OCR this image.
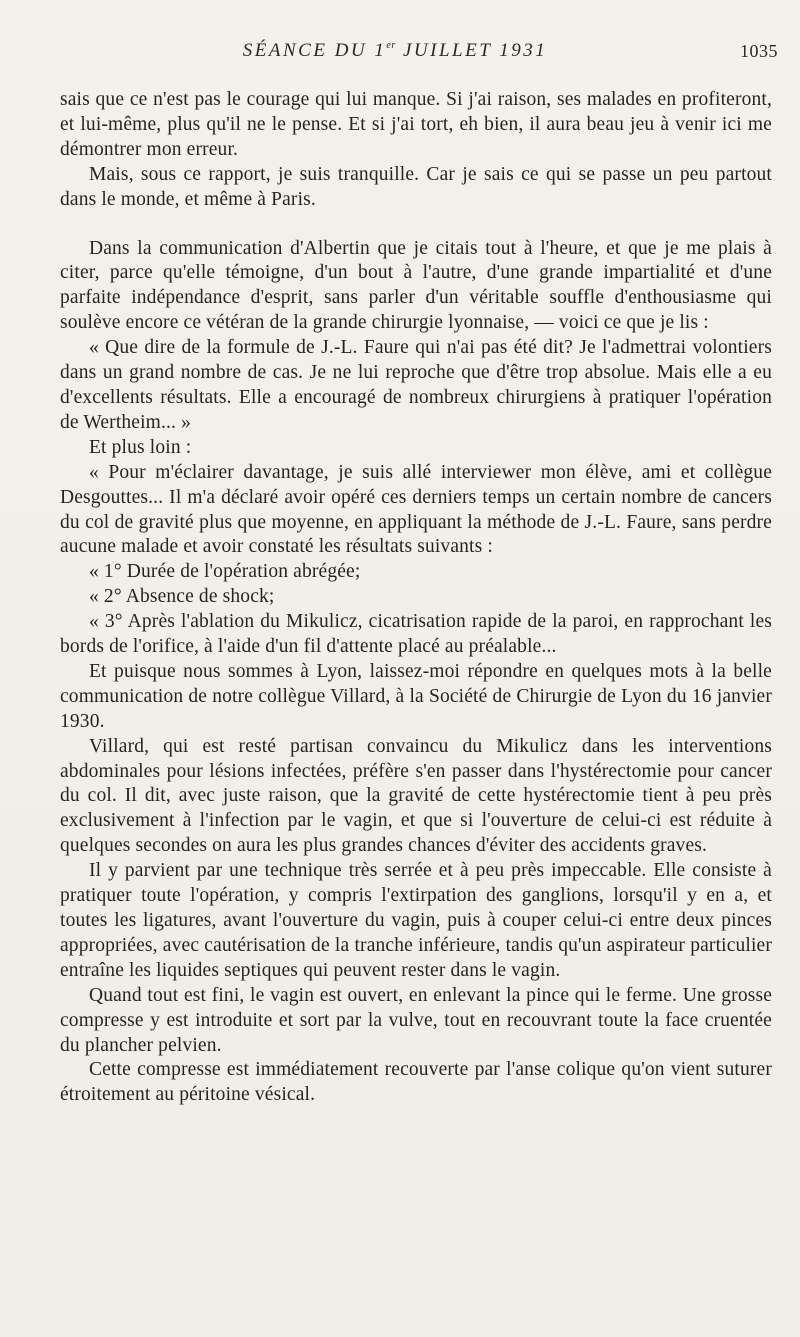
SÉANCE DU 1er JUILLET 1931	1035

sais que ce n'est pas le courage qui lui manque. Si j'ai raison, ses malades en profiteront, et lui-même, plus qu'il ne le pense. Et si j'ai tort, eh bien, il aura beau jeu à venir ici me démontrer mon erreur.

Mais, sous ce rapport, je suis tranquille. Car je sais ce qui se passe un peu partout dans le monde, et même à Paris.

Dans la communication d'Albertin que je citais tout à l'heure, et que je me plais à citer, parce qu'elle témoigne, d'un bout à l'autre, d'une grande impartialité et d'une parfaite indépendance d'esprit, sans parler d'un véritable souffle d'enthousiasme qui soulève encore ce vétéran de la grande chirurgie lyonnaise, — voici ce que je lis :

« Que dire de la formule de J.-L. Faure qui n'ai pas été dit? Je l'admettrai volontiers dans un grand nombre de cas. Je ne lui reproche que d'être trop absolue. Mais elle a eu d'excellents résultats. Elle a encouragé de nombreux chirurgiens à pratiquer l'opération de Wertheim... »

Et plus loin :

« Pour m'éclairer davantage, je suis allé interviewer mon élève, ami et collègue Desgouttes... Il m'a déclaré avoir opéré ces derniers temps un certain nombre de cancers du col de gravité plus que moyenne, en appliquant la méthode de J.-L. Faure, sans perdre aucune malade et avoir constaté les résultats suivants :

« 1° Durée de l'opération abrégée;

« 2° Absence de shock;

« 3° Après l'ablation du Mikulicz, cicatrisation rapide de la paroi, en rapprochant les bords de l'orifice, à l'aide d'un fil d'attente placé au préalable...

Et puisque nous sommes à Lyon, laissez-moi répondre en quelques mots à la belle communication de notre collègue Villard, à la Société de Chirurgie de Lyon du 16 janvier 1930.

Villard, qui est resté partisan convaincu du Mikulicz dans les interventions abdominales pour lésions infectées, préfère s'en passer dans l'hystérectomie pour cancer du col. Il dit, avec juste raison, que la gravité de cette hystérectomie tient à peu près exclusivement à l'infection par le vagin, et que si l'ouverture de celui-ci est réduite à quelques secondes on aura les plus grandes chances d'éviter des accidents graves.

Il y parvient par une technique très serrée et à peu près impeccable. Elle consiste à pratiquer toute l'opération, y compris l'extirpation des ganglions, lorsqu'il y en a, et toutes les ligatures, avant l'ouverture du vagin, puis à couper celui-ci entre deux pinces appropriées, avec cautérisation de la tranche inférieure, tandis qu'un aspirateur particulier entraîne les liquides septiques qui peuvent rester dans le vagin.

Quand tout est fini, le vagin est ouvert, en enlevant la pince qui le ferme. Une grosse compresse y est introduite et sort par la vulve, tout en recouvrant toute la face cruentée du plancher pelvien.

Cette compresse est immédiatement recouverte par l'anse colique qu'on vient suturer étroitement au péritoine vésical.
